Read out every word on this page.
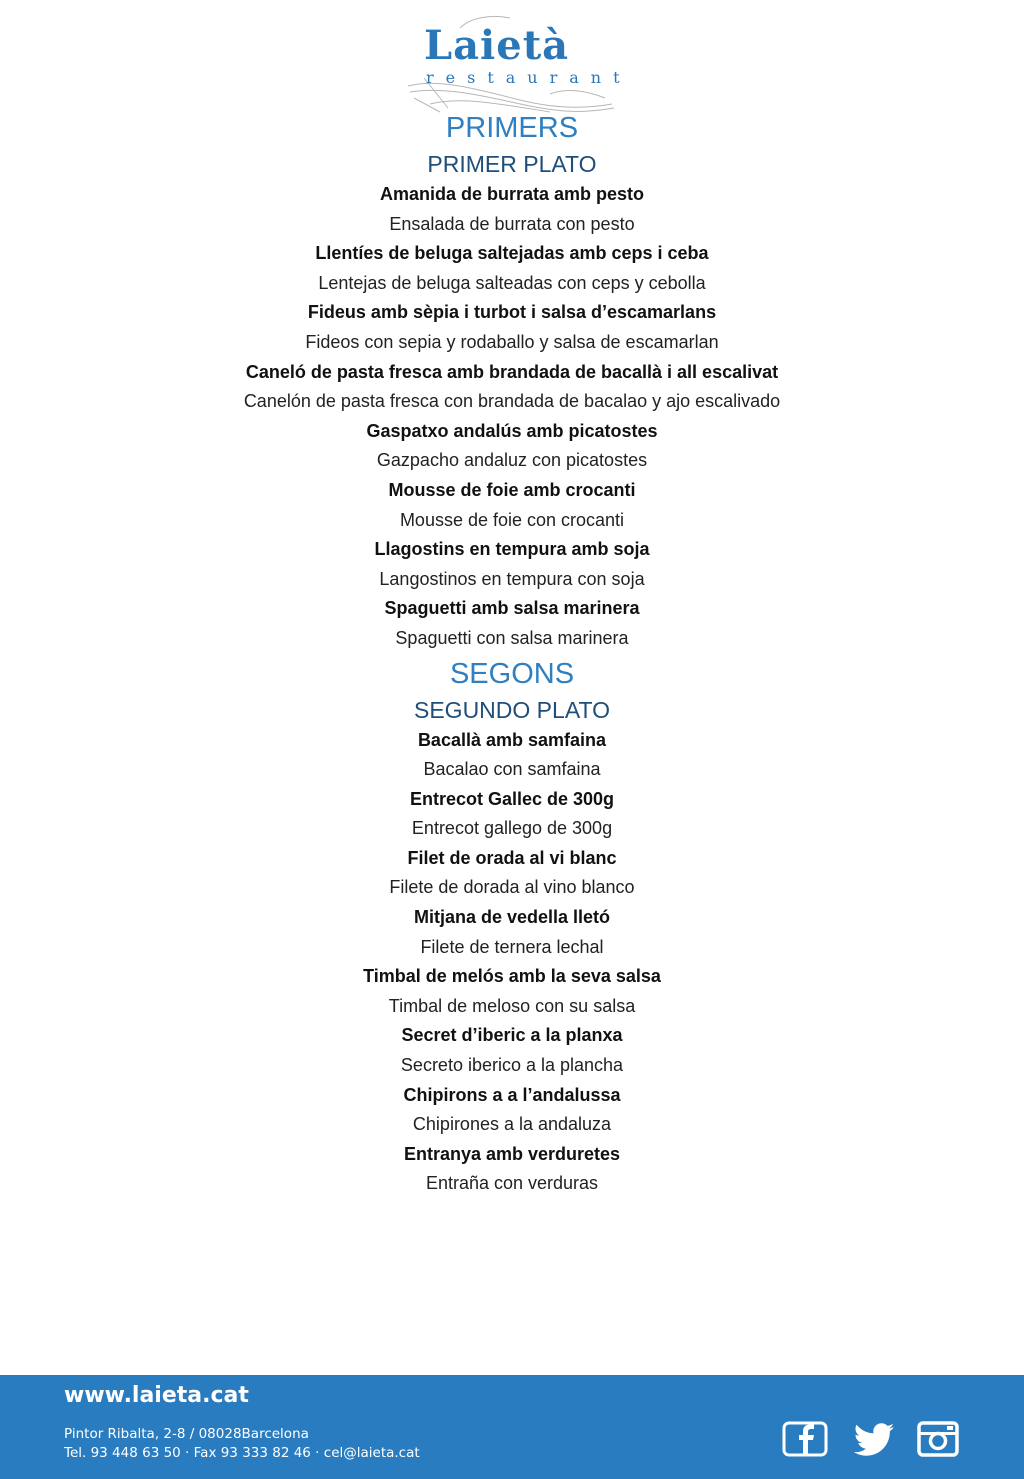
Laietà
restaurant
PRIMERS
PRIMER PLATO
Amanida de burrata amb pesto
Ensalada de burrata con pesto
Llentíes de beluga saltejadas amb ceps i ceba
Lentejas de beluga salteadas con ceps y cebolla
Fideus amb sèpia i turbot i salsa d’escamarlans
Fideos con sepia y rodaballo y salsa de escamarlan
Caneló de pasta fresca amb brandada de bacallà i all escalivat
Canelón de pasta fresca con brandada de bacalao y ajo escalivado
Gaspatxo andalús amb picatostes
Gazpacho andaluz con picatostes
Mousse de foie amb crocanti
Mousse de foie con crocanti
Llagostins en tempura amb soja
Langostinos en tempura con soja
Spaguetti amb salsa marinera
Spaguetti con salsa marinera
SEGONS
SEGUNDO PLATO
Bacallà amb samfaina
Bacalao con samfaina
Entrecot Gallec de 300g
Entrecot gallego de 300g
Filet de orada al vi blanc
Filete de dorada al vino blanco
Mitjana de vedella lletó
Filete de ternera lechal
Timbal de melós amb la seva salsa
Timbal de meloso con su salsa
Secret d’iberic a la planxa
Secreto iberico a la plancha
Chipirons a a l’andalussa
Chipirones a la andaluza
Entranya amb verduretes
Entraña con verduras
www.laieta.cat
Pintor Ribalta, 2-8 / 08028Barcelona
Tel. 93 448 63 50 · Fax 93 333 82 46 · cel@laieta.cat
